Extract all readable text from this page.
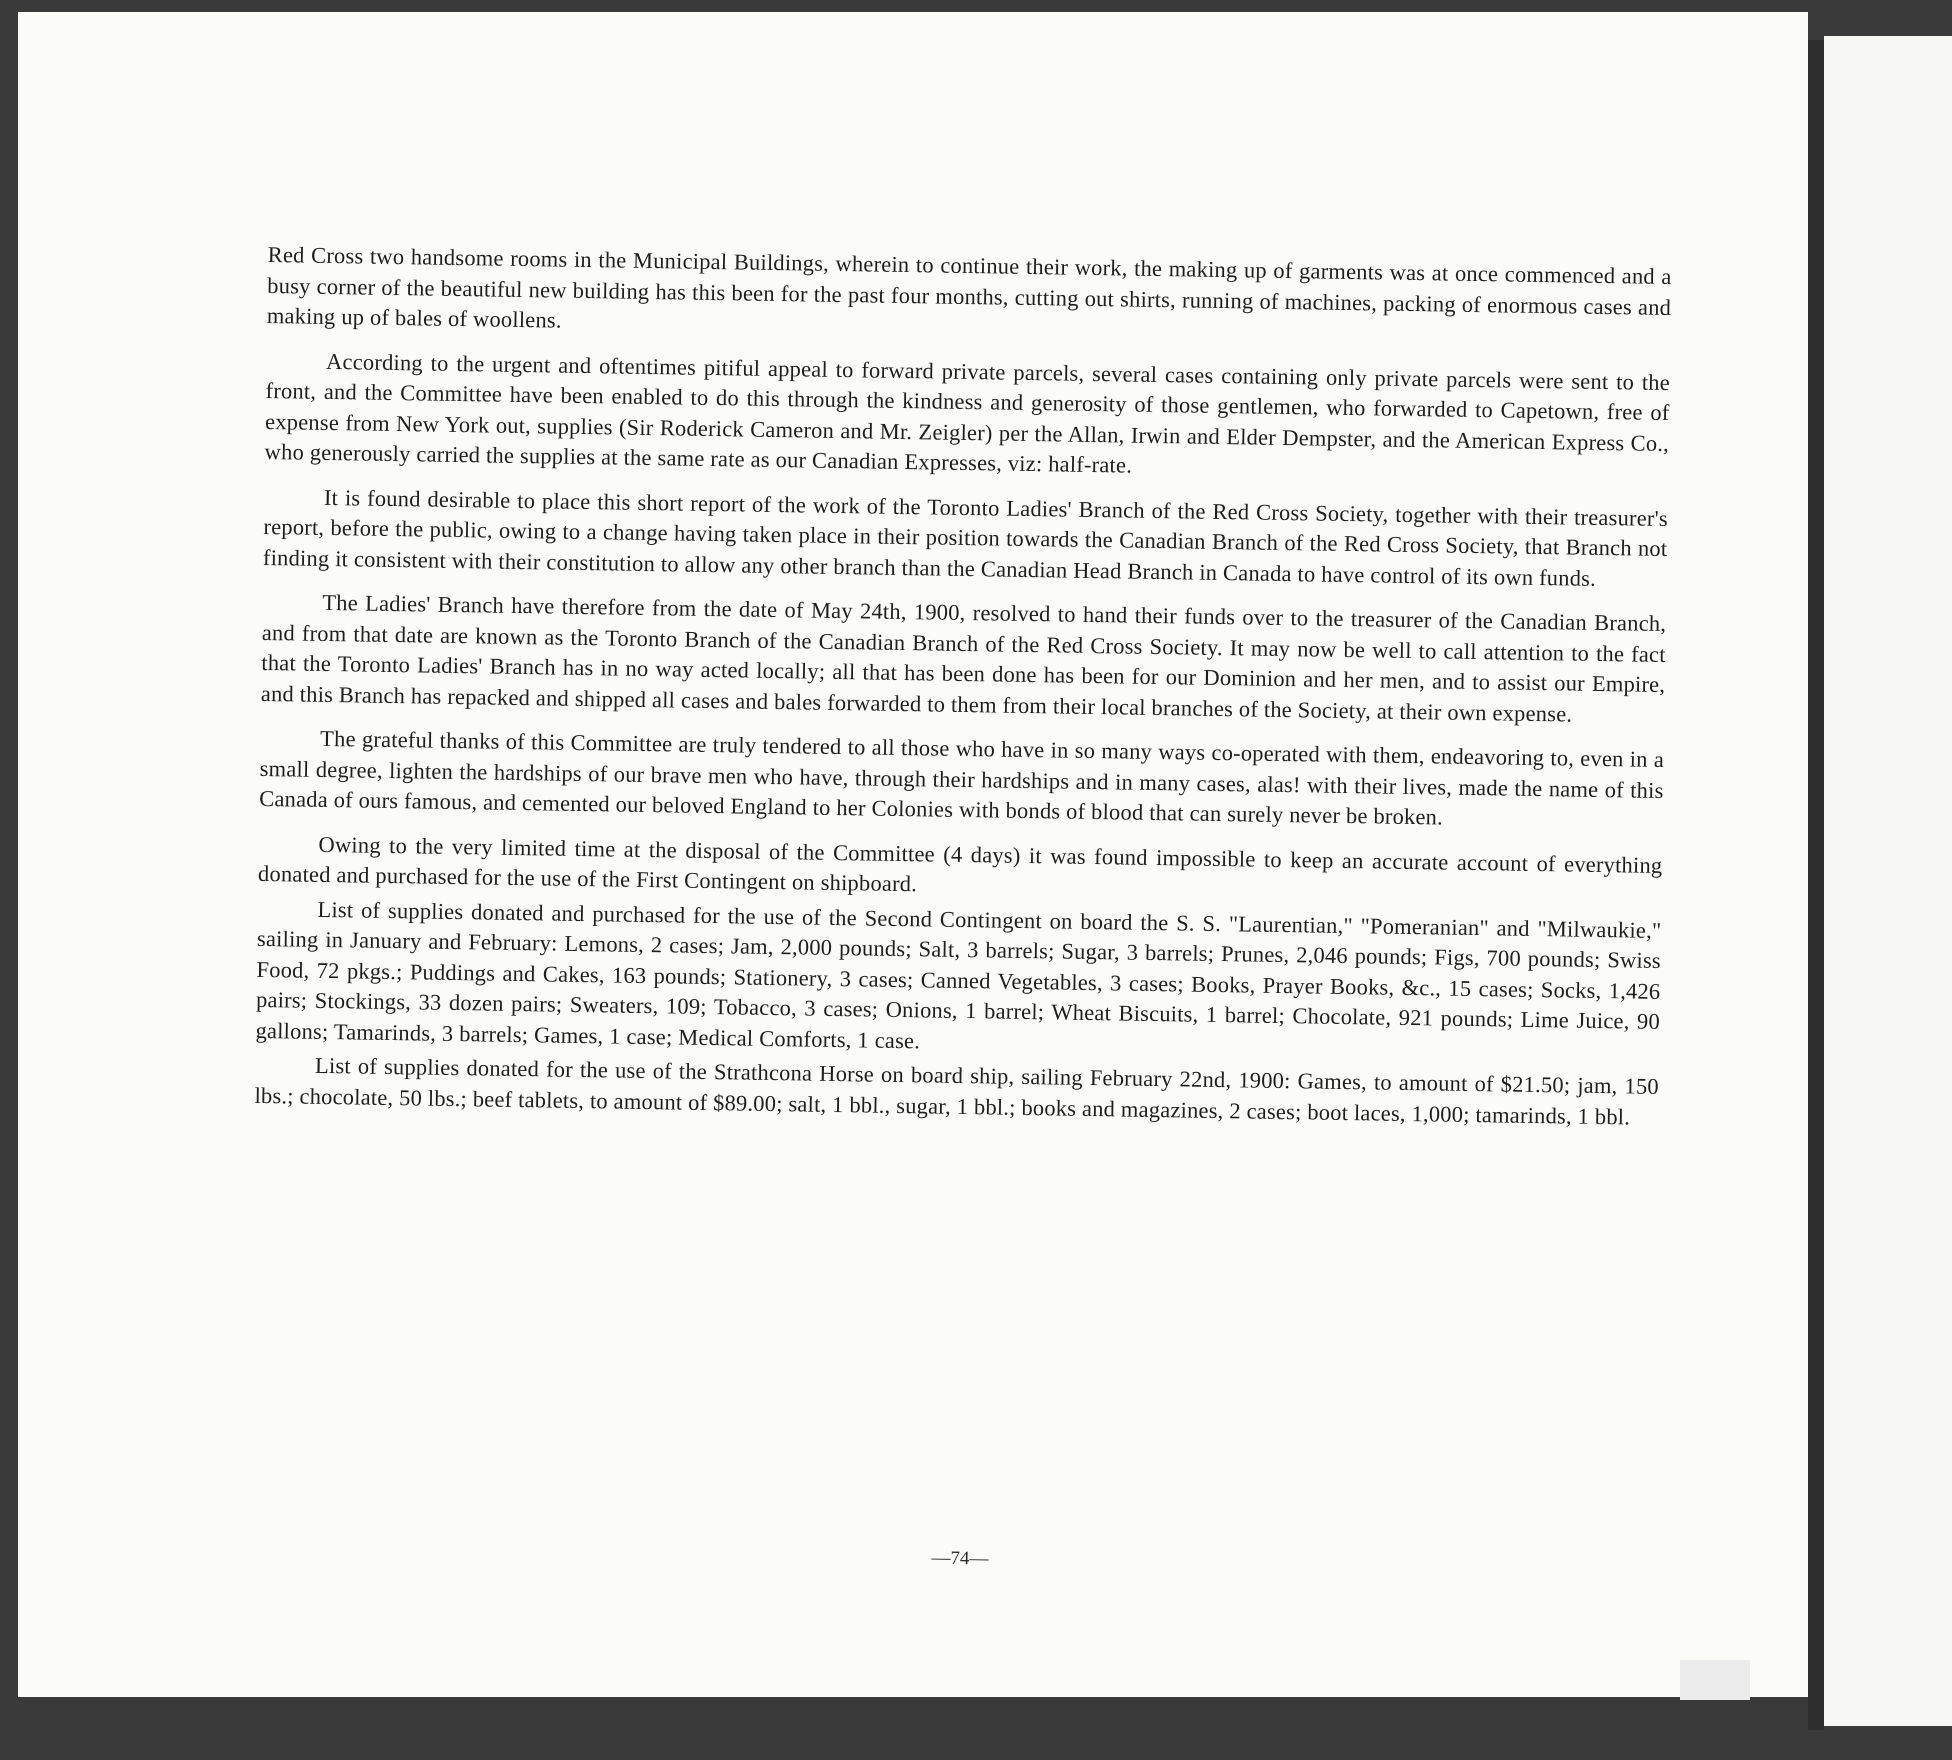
Red Cross two handsome rooms in the Municipal Buildings, wherein to continue their work, the making up of garments was at once commenced and a busy corner of the beautiful new building has this been for the past four months, cutting out shirts, running of machines, packing of enormous cases and making up of bales of woollens.

According to the urgent and oftentimes pitiful appeal to forward private parcels, several cases containing only private parcels were sent to the front, and the Committee have been enabled to do this through the kindness and generosity of those gentlemen, who forwarded to Capetown, free of expense from New York out, supplies (Sir Roderick Cameron and Mr. Zeigler) per the Allan, Irwin and Elder Dempster, and the American Express Co., who generously carried the supplies at the same rate as our Canadian Expresses, viz: half-rate.

It is found desirable to place this short report of the work of the Toronto Ladies' Branch of the Red Cross Society, together with their treasurer's report, before the public, owing to a change having taken place in their position towards the Canadian Branch of the Red Cross Society, that Branch not finding it consistent with their constitution to allow any other branch than the Canadian Head Branch in Canada to have control of its own funds.

The Ladies' Branch have therefore from the date of May 24th, 1900, resolved to hand their funds over to the treasurer of the Canadian Branch, and from that date are known as the Toronto Branch of the Canadian Branch of the Red Cross Society. It may now be well to call attention to the fact that the Toronto Ladies' Branch has in no way acted locally; all that has been done has been for our Dominion and her men, and to assist our Empire, and this Branch has repacked and shipped all cases and bales forwarded to them from their local branches of the Society, at their own expense.

The grateful thanks of this Committee are truly tendered to all those who have in so many ways co-operated with them, endeavoring to, even in a small degree, lighten the hardships of our brave men who have, through their hardships and in many cases, alas! with their lives, made the name of this Canada of ours famous, and cemented our beloved England to her Colonies with bonds of blood that can surely never be broken.

Owing to the very limited time at the disposal of the Committee (4 days) it was found impossible to keep an accurate account of everything donated and purchased for the use of the First Contingent on shipboard.

List of supplies donated and purchased for the use of the Second Contingent on board the S. S. "Laurentian," "Pomeranian" and "Milwaukie," sailing in January and February: Lemons, 2 cases; Jam, 2,000 pounds; Salt, 3 barrels; Sugar, 3 barrels; Prunes, 2,046 pounds; Figs, 700 pounds; Swiss Food, 72 pkgs.; Puddings and Cakes, 163 pounds; Stationery, 3 cases; Canned Vegetables, 3 cases; Books, Prayer Books, &c., 15 cases; Socks, 1,426 pairs; Stockings, 33 dozen pairs; Sweaters, 109; Tobacco, 3 cases; Onions, 1 barrel; Wheat Biscuits, 1 barrel; Chocolate, 921 pounds; Lime Juice, 90 gallons; Tamarinds, 3 barrels; Games, 1 case; Medical Comforts, 1 case.

List of supplies donated for the use of the Strathcona Horse on board ship, sailing February 22nd, 1900: Games, to amount of $21.50; jam, 150 lbs.; chocolate, 50 lbs.; beef tablets, to amount of $89.00; salt, 1 bbl., sugar, 1 bbl.; books and magazines, 2 cases; boot laces, 1,000; tamarinds, 1 bbl.

—74—
